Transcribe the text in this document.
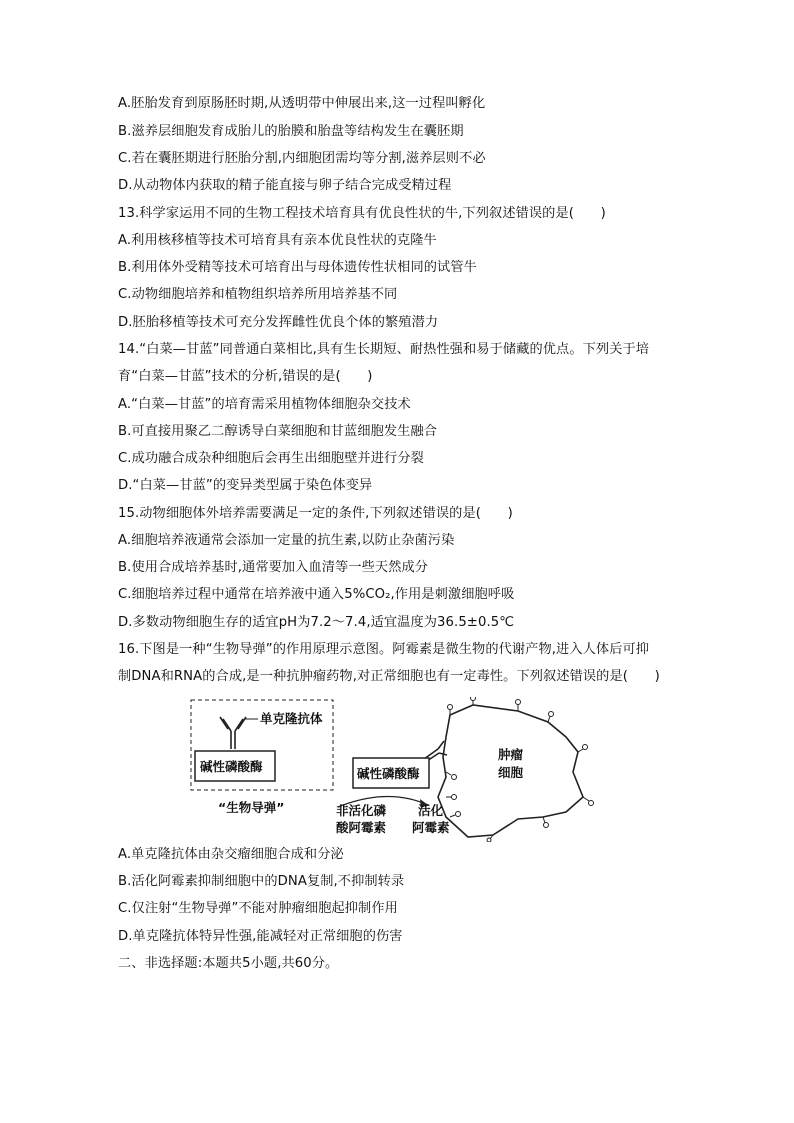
A.胚胎发育到原肠胚时期,从透明带中伸展出来,这一过程叫孵化
B.滋养层细胞发育成胎儿的胎膜和胎盘等结构发生在囊胚期
C.若在囊胚期进行胚胎分割,内细胞团需均等分割,滋养层则不必
D.从动物体内获取的精子能直接与卵子结合完成受精过程
13.科学家运用不同的生物工程技术培育具有优良性状的牛,下列叙述错误的是(　　)
A.利用核移植等技术可培育具有亲本优良性状的克隆牛
B.利用体外受精等技术可培育出与母体遗传性状相同的试管牛
C.动物细胞培养和植物组织培养所用培养基不同
D.胚胎移植等技术可充分发挥雌性优良个体的繁殖潜力
14.“白菜—甘蓝”同普通白菜相比,具有生长期短、耐热性强和易于储藏的优点。下列关于培
育“白菜—甘蓝”技术的分析,错误的是(　　)
A.“白菜—甘蓝”的培育需采用植物体细胞杂交技术
B.可直接用聚乙二醇诱导白菜细胞和甘蓝细胞发生融合
C.成功融合成杂种细胞后会再生出细胞壁并进行分裂
D.“白菜—甘蓝”的变异类型属于染色体变异
15.动物细胞体外培养需要满足一定的条件,下列叙述错误的是(　　)
A.细胞培养液通常会添加一定量的抗生素,以防止杂菌污染
B.使用合成培养基时,通常要加入血清等一些天然成分
C.细胞培养过程中通常在培养液中通入5%CO₂,作用是刺激细胞呼吸
D.多数动物细胞生存的适宜pH为7.2～7.4,适宜温度为36.5±0.5℃
16.下图是一种“生物导弹”的作用原理示意图。阿霉素是微生物的代谢产物,进入人体后可抑
制DNA和RNA的合成,是一种抗肿瘤药物,对正常细胞也有一定毒性。下列叙述错误的是(　　)
单克隆抗体
碱性磷酸酶
“生物导弹”
肿瘤
细胞
碱性磷酸酶
非活化磷
酸阿霉素
活化
阿霉素
A.单克隆抗体由杂交瘤细胞合成和分泌
B.活化阿霉素抑制细胞中的DNA复制,不抑制转录
C.仅注射“生物导弹”不能对肿瘤细胞起抑制作用
D.单克隆抗体特异性强,能减轻对正常细胞的伤害
二、非选择题:本题共5小题,共60分。
